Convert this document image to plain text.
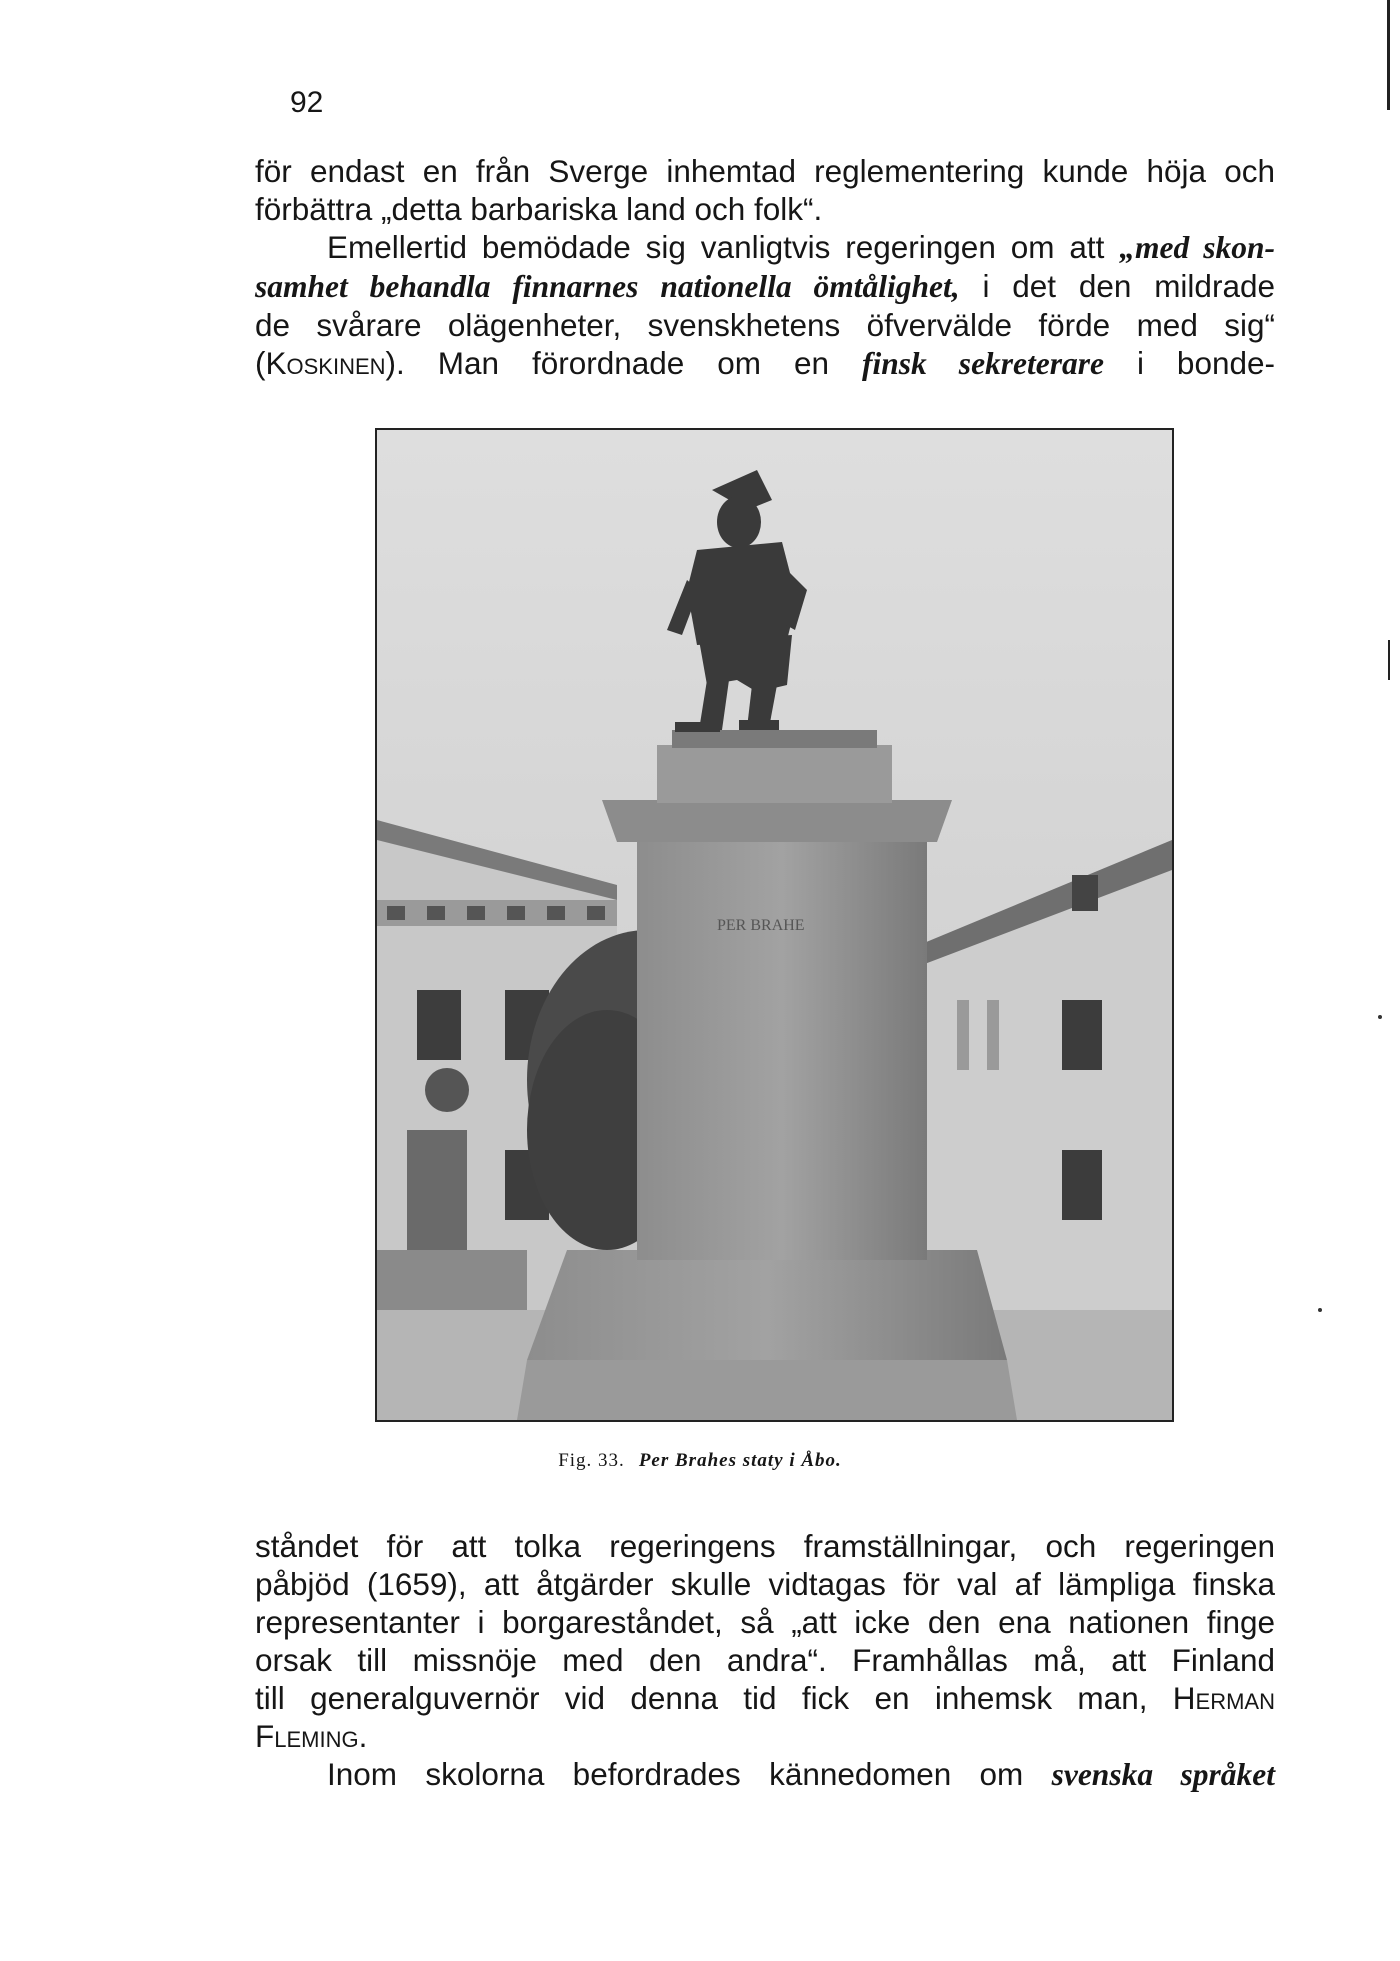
92

för endast en från Sverge inhemtad reglementering kunde höja och
förbättra „detta barbariska land och folk“.

Emellertid bemödade sig vanligtvis regeringen om att „med skon-
samhet behandla finnarnes nationella ömtålighet, i det den mildrade
de svårare olägenheter, svenskhetens öfvervälde förde med sig“
(Koskinen). Man förordnade om en finsk sekreterare i bonde-

PER BRAHE
Fig. 33. Per Brahes staty i Åbo.

ståndet för att tolka regeringens framställningar, och regeringen
påbjöd (1659), att åtgärder skulle vidtagas för val af lämpliga finska
representanter i borgareståndet, så „att icke den ena nationen finge
orsak till missnöje med den andra“. Framhållas må, att Finland
till generalguvernör vid denna tid fick en inhemsk man, Herman
Fleming.

Inom skolorna befordrades kännedomen om svenska språket
